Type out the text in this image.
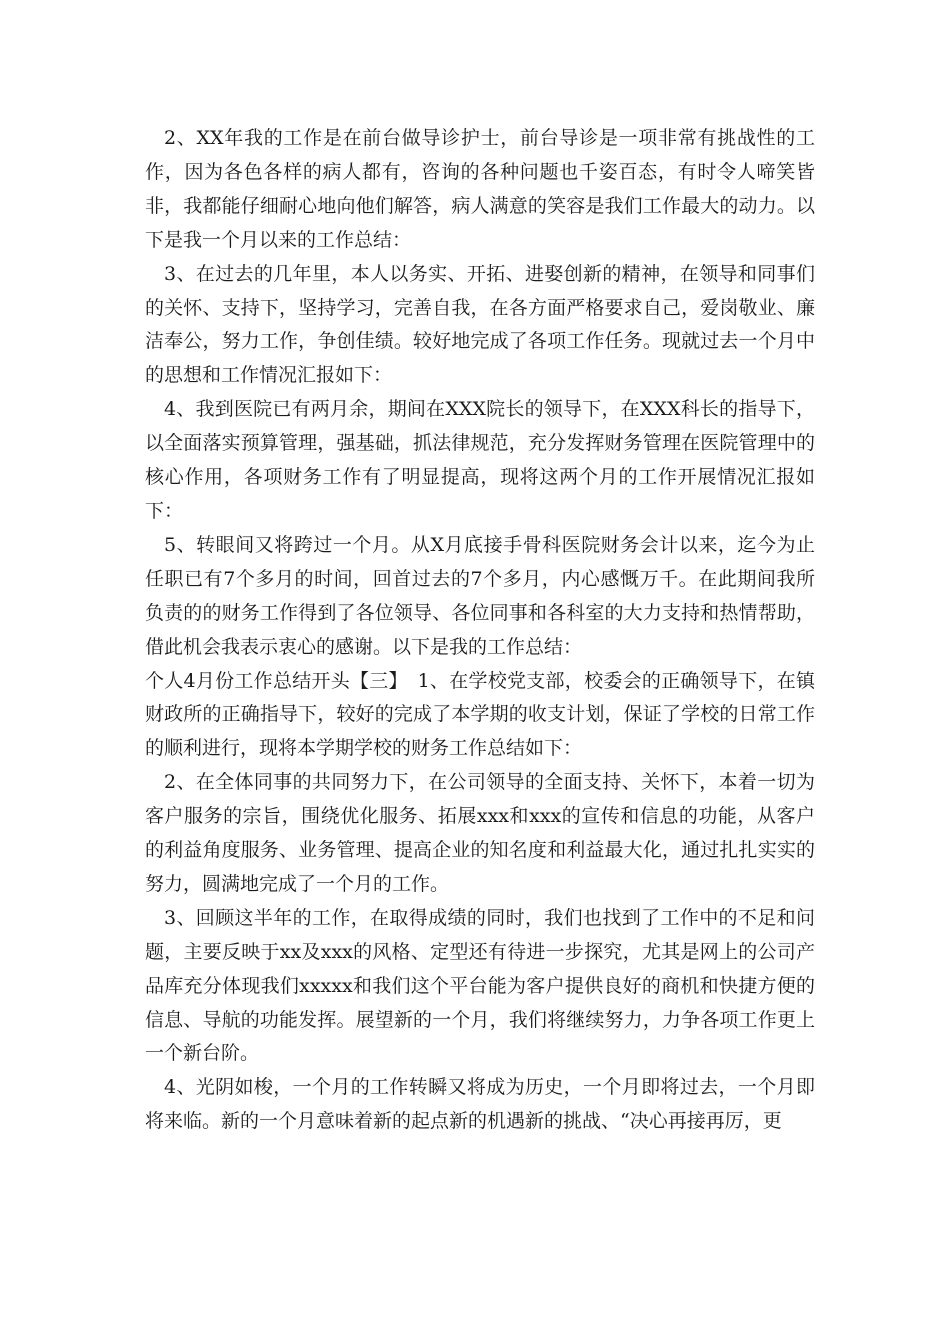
2、XX年我的工作是在前台做导诊护士，前台导诊是一项非常有挑战性的工作，因为各色各样的病人都有，咨询的各种问题也千姿百态，有时令人啼笑皆非，我都能仔细耐心地向他们解答，病人满意的笑容是我们工作最大的动力。以下是我一个月以来的工作总结：

3、在过去的几年里，本人以务实、开拓、进娶创新的精神，在领导和同事们的关怀、支持下，坚持学习，完善自我，在各方面严格要求自己，爱岗敬业、廉洁奉公，努力工作，争创佳绩。较好地完成了各项工作任务。现就过去一个月中的思想和工作情况汇报如下：

4、我到医院已有两月余，期间在XXX院长的领导下，在XXX科长的指导下，以全面落实预算管理，强基础，抓法律规范，充分发挥财务管理在医院管理中的核心作用，各项财务工作有了明显提高，现将这两个月的工作开展情况汇报如下：

5、转眼间又将跨过一个月。从X月底接手骨科医院财务会计以来，迄今为止任职已有7个多月的时间，回首过去的7个多月，内心感慨万千。在此期间我所负责的的财务工作得到了各位领导、各位同事和各科室的大力支持和热情帮助，借此机会我表示衷心的感谢。以下是我的工作总结：

个人4月份工作总结开头【三】　1、在学校党支部，校委会的正确领导下，在镇财政所的正确指导下，较好的完成了本学期的收支计划，保证了学校的日常工作的顺利进行，现将本学期学校的财务工作总结如下：

2、在全体同事的共同努力下，在公司领导的全面支持、关怀下，本着一切为客户服务的宗旨，围绕优化服务、拓展xxx和xxx的宣传和信息的功能，从客户的利益角度服务、业务管理、提高企业的知名度和利益最大化，通过扎扎实实的努力，圆满地完成了一个月的工作。

3、回顾这半年的工作，在取得成绩的同时，我们也找到了工作中的不足和问题，主要反映于xx及xxx的风格、定型还有待进一步探究，尤其是网上的公司产品库充分体现我们xxxxx和我们这个平台能为客户提供良好的商机和快捷方便的信息、导航的功能发挥。展望新的一个月，我们将继续努力，力争各项工作更上一个新台阶。

4、光阴如梭，一个月的工作转瞬又将成为历史，一个月即将过去，一个月即将来临。新的一个月意味着新的起点新的机遇新的挑战、“决心再接再厉，更
